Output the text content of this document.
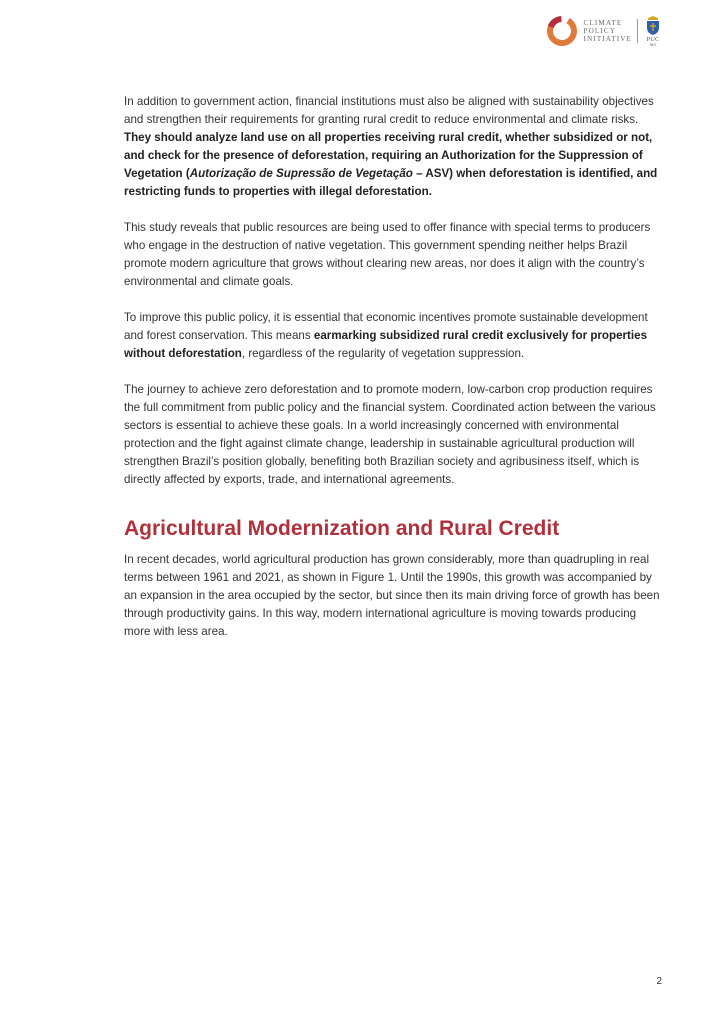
CLIMATE
POLICY
INITIATIVE PUC
RIO

In addition to government action, financial institutions must also be aligned with sustainability objectives and strengthen their requirements for granting rural credit to reduce environmental and climate risks. They should analyze land use on all properties receiving rural credit, whether subsidized or not, and check for the presence of deforestation, requiring an Authorization for the Suppression of Vegetation (Autorização de Supressão de Vegetação – ASV) when deforestation is identified, and restricting funds to properties with illegal deforestation.

This study reveals that public resources are being used to offer finance with special terms to producers who engage in the destruction of native vegetation. This government spending neither helps Brazil promote modern agriculture that grows without clearing new areas, nor does it align with the country’s environmental and climate goals.

To improve this public policy, it is essential that economic incentives promote sustainable development and forest conservation. This means earmarking subsidized rural credit exclusively for properties without deforestation, regardless of the regularity of vegetation suppression.

The journey to achieve zero deforestation and to promote modern, low-carbon crop production requires the full commitment from public policy and the financial system. Coordinated action between the various sectors is essential to achieve these goals. In a world increasingly concerned with environmental protection and the fight against climate change, leadership in sustainable agricultural production will strengthen Brazil’s position globally, benefiting both Brazilian society and agribusiness itself, which is directly affected by exports, trade, and international agreements.

Agricultural Modernization and Rural Credit

In recent decades, world agricultural production has grown considerably, more than quadrupling in real terms between 1961 and 2021, as shown in Figure 1. Until the 1990s, this growth was accompanied by an expansion in the area occupied by the sector, but since then its main driving force of growth has been through productivity gains. In this way, modern international agriculture is moving towards producing more with less area.

2
